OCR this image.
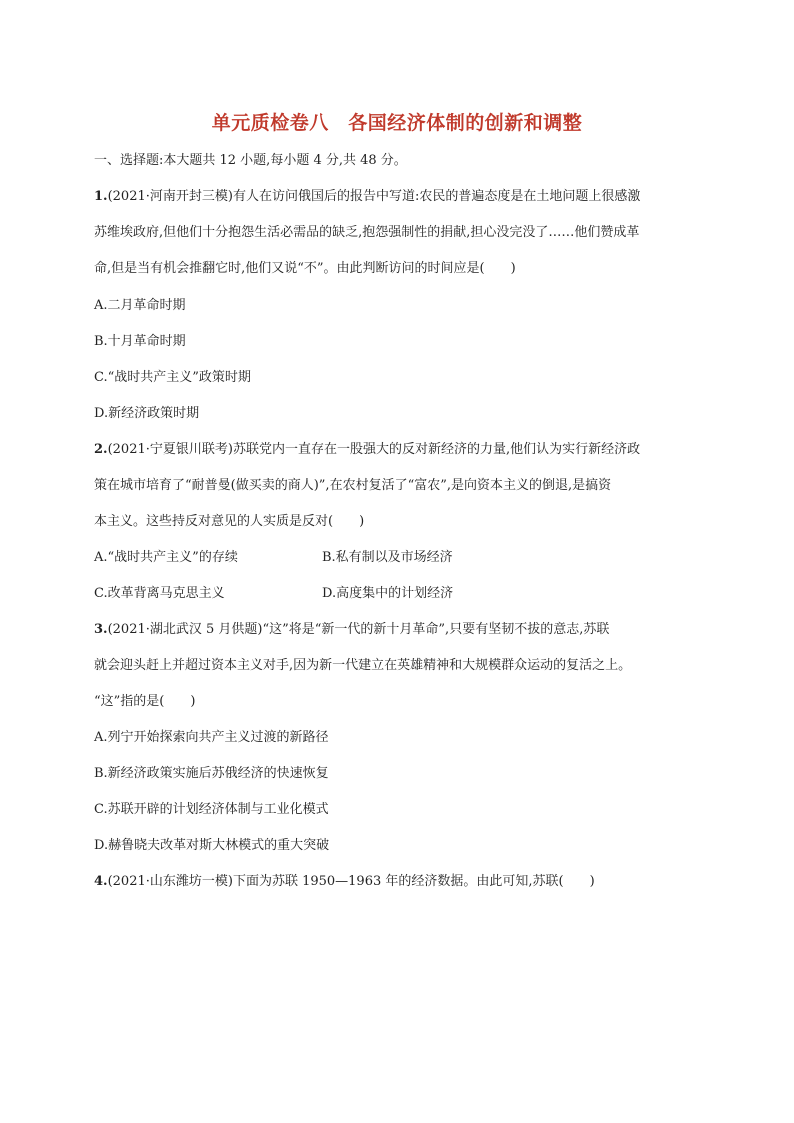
单元质检卷八　各国经济体制的创新和调整
一、选择题:本大题共 12 小题,每小题 4 分,共 48 分。
1.(2021·河南开封三模)有人在访问俄国后的报告中写道:农民的普遍态度是在土地问题上很感激
苏维埃政府,但他们十分抱怨生活必需品的缺乏,抱怨强制性的捐献,担心没完没了……他们赞成革
命,但是当有机会推翻它时,他们又说“不”。由此判断访问的时间应是(　　)
A.二月革命时期
B.十月革命时期
C.“战时共产主义”政策时期
D.新经济政策时期
2.(2021·宁夏银川联考)苏联党内一直存在一股强大的反对新经济的力量,他们认为实行新经济政
策在城市培育了“耐普曼(做买卖的商人)”,在农村复活了“富农”,是向资本主义的倒退,是搞资
本主义。这些持反对意见的人实质是反对(　　)
A.“战时共产主义”的存续	B.私有制以及市场经济
C.改革背离马克思主义	D.高度集中的计划经济
3.(2021·湖北武汉 5 月供题)“这”将是“新一代的新十月革命”,只要有坚韧不拔的意志,苏联
就会迎头赶上并超过资本主义对手,因为新一代建立在英雄精神和大规模群众运动的复活之上。
“这”指的是(　　)
A.列宁开始探索向共产主义过渡的新路径
B.新经济政策实施后苏俄经济的快速恢复
C.苏联开辟的计划经济体制与工业化模式
D.赫鲁晓夫改革对斯大林模式的重大突破
4.(2021·山东潍坊一模)下面为苏联 1950—1963 年的经济数据。由此可知,苏联(　　)
